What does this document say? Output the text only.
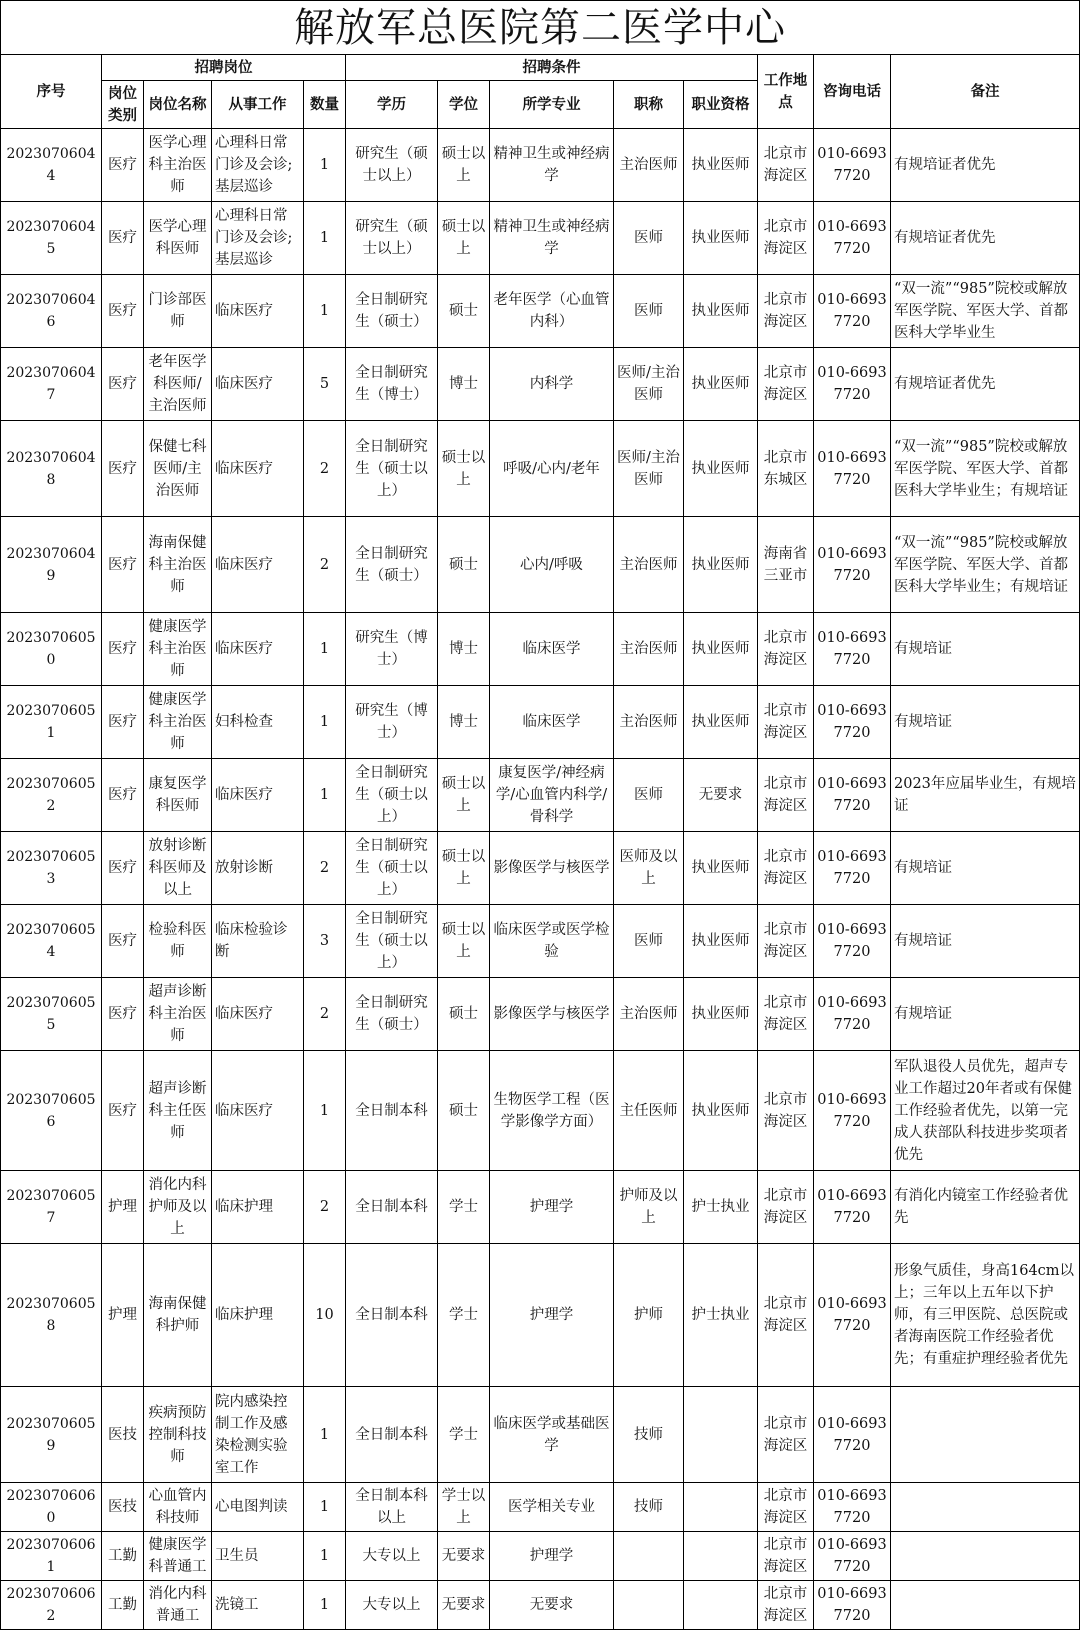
解放军总医院第二医学中心												
序号	招聘岗位				招聘条件					工作地点	咨询电话	备注
	岗位类别	岗位名称	从事工作	数量	学历	学位	所学专业	职称	职业资格			
20230706044	医疗	医学心理科主治医师	心理科日常门诊及会诊;基层巡诊	1	研究生（硕士以上）	硕士以上	精神卫生或神经病学	主治医师	执业医师	北京市海淀区	010-66937720	有规培证者优先
20230706045	医疗	医学心理科医师	心理科日常门诊及会诊;基层巡诊	1	研究生（硕士以上）	硕士以上	精神卫生或神经病学	医师	执业医师	北京市海淀区	010-66937720	有规培证者优先
20230706046	医疗	门诊部医师	临床医疗	1	全日制研究生（硕士）	硕士	老年医学（心血管内科）	医师	执业医师	北京市海淀区	010-66937720	“双一流”“985”院校或解放军医学院、军医大学、首都医科大学毕业生
20230706047	医疗	老年医学科医师/主治医师	临床医疗	5	全日制研究生（博士）	博士	内科学	医师/主治医师	执业医师	北京市海淀区	010-66937720	有规培证者优先
20230706048	医疗	保健七科医师/主治医师	临床医疗	2	全日制研究生（硕士以上）	硕士以上	呼吸/心内/老年	医师/主治医师	执业医师	北京市东城区	010-66937720	“双一流”“985”院校或解放军医学院、军医大学、首都医科大学毕业生；有规培证
20230706049	医疗	海南保健科主治医师	临床医疗	2	全日制研究生（硕士）	硕士	心内/呼吸	主治医师	执业医师	海南省三亚市	010-66937720	“双一流”“985”院校或解放军医学院、军医大学、首都医科大学毕业生；有规培证
20230706050	医疗	健康医学科主治医师	临床医疗	1	研究生（博士）	博士	临床医学	主治医师	执业医师	北京市海淀区	010-66937720	有规培证
20230706051	医疗	健康医学科主治医师	妇科检查	1	研究生（博士）	博士	临床医学	主治医师	执业医师	北京市海淀区	010-66937720	有规培证
20230706052	医疗	康复医学科医师	临床医疗	1	全日制研究生（硕士以上）	硕士以上	康复医学/神经病学/心血管内科学/骨科学	医师	无要求	北京市海淀区	010-66937720	2023年应届毕业生，有规培证
20230706053	医疗	放射诊断科医师及以上	放射诊断	2	全日制研究生（硕士以上）	硕士以上	影像医学与核医学	医师及以上	执业医师	北京市海淀区	010-66937720	有规培证
20230706054	医疗	检验科医师	临床检验诊断	3	全日制研究生（硕士以上）	硕士以上	临床医学或医学检验	医师	执业医师	北京市海淀区	010-66937720	有规培证
20230706055	医疗	超声诊断科主治医师	临床医疗	2	全日制研究生（硕士）	硕士	影像医学与核医学	主治医师	执业医师	北京市海淀区	010-66937720	有规培证
20230706056	医疗	超声诊断科主任医师	临床医疗	1	全日制本科	硕士	生物医学工程（医学影像学方面）	主任医师	执业医师	北京市海淀区	010-66937720	军队退役人员优先，超声专业工作超过20年者或有保健工作经验者优先，以第一完成人获部队科技进步奖项者优先
20230706057	护理	消化内科护师及以上	临床护理	2	全日制本科	学士	护理学	护师及以上	护士执业	北京市海淀区	010-66937720	有消化内镜室工作经验者优先
20230706058	护理	海南保健科护师	临床护理	10	全日制本科	学士	护理学	护师	护士执业	北京市海淀区	010-66937720	形象气质佳，身高164cm以上；三年以上五年以下护师，有三甲医院、总医院或者海南医院工作经验者优先；有重症护理经验者优先
20230706059	医技	疾病预防控制科技师	院内感染控制工作及感染检测实验室工作	1	全日制本科	学士	临床医学或基础医学	技师		北京市海淀区	010-66937720	
20230706060	医技	心血管内科技师	心电图判读	1	全日制本科以上	学士以上	医学相关专业	技师		北京市海淀区	010-66937720	
20230706061	工勤	健康医学科普通工	卫生员	1	大专以上	无要求	护理学			北京市海淀区	010-66937720	
20230706062	工勤	消化内科普通工	洗镜工	1	大专以上	无要求	无要求			北京市海淀区	010-66937720	
